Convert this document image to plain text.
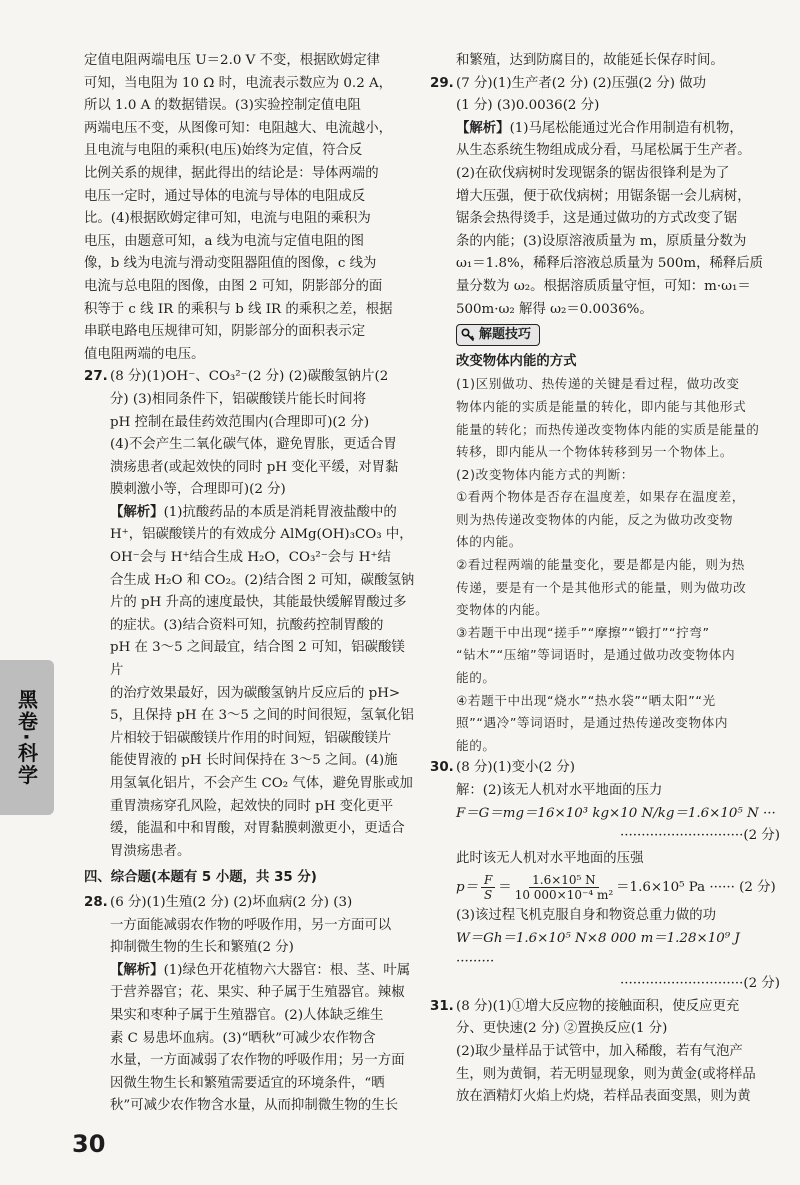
定值电阻两端电压 U＝2.0 V 不变，根据欧姆定律

可知，当电阻为 10 Ω 时，电流表示数应为 0.2 A，

所以 1.0 A 的数据错误。(3)实验控制定值电阻

两端电压不变，从图像可知：电阻越大、电流越小，

且电流与电阻的乘积(电压)始终为定值，符合反

比例关系的规律，据此得出的结论是：导体两端的

电压一定时，通过导体的电流与导体的电阻成反

比。(4)根据欧姆定律可知，电流与电阻的乘积为

电压，由题意可知，a 线为电流与定值电阻的图

像，b 线为电流与滑动变阻器阻值的图像，c 线为

电流与总电阻的图像，由图 2 可知，阴影部分的面

积等于 c 线 IR 的乘积与 b 线 IR 的乘积之差，根据

串联电路电压规律可知，阴影部分的面积表示定

值电阻两端的电压。

27. (8 分)(1)OH⁻、CO₃²⁻(2 分) (2)碳酸氢钠片(2

分) (3)相同条件下，铝碳酸镁片能长时间将

pH 控制在最佳药效范围内(合理即可)(2 分)

(4)不会产生二氧化碳气体，避免胃胀，更适合胃

溃疡患者(或起效快的同时 pH 变化平缓，对胃黏

膜刺激小等，合理即可)(2 分)

【解析】(1)抗酸药品的本质是消耗胃液盐酸中的

H⁺，铝碳酸镁片的有效成分 AlMg(OH)₃CO₃ 中，

OH⁻会与 H⁺结合生成 H₂O，CO₃²⁻会与 H⁺结

合生成 H₂O 和 CO₂。(2)结合图 2 可知，碳酸氢钠

片的 pH 升高的速度最快，其能最快缓解胃酸过多

的症状。(3)结合资料可知，抗酸药控制胃酸的

pH 在 3～5 之间最宜，结合图 2 可知，铝碳酸镁片

的治疗效果最好，因为碳酸氢钠片反应后的 pH>

5，且保持 pH 在 3～5 之间的时间很短，氢氧化铝

片相较于铝碳酸镁片作用的时间短，铝碳酸镁片

能使胃液的 pH 长时间保持在 3～5 之间。(4)施

用氢氧化铝片，不会产生 CO₂ 气体，避免胃胀或加

重胃溃疡穿孔风险，起效快的同时 pH 变化更平

缓，能温和中和胃酸，对胃黏膜刺激更小，更适合

胃溃疡患者。

四、综合题(本题有 5 小题，共 35 分)

28. (6 分)(1)生殖(2 分) (2)坏血病(2 分) (3)

一方面能减弱农作物的呼吸作用，另一方面可以

抑制微生物的生长和繁殖(2 分)

【解析】(1)绿色开花植物六大器官：根、茎、叶属

于营养器官；花、果实、种子属于生殖器官。辣椒

果实和枣种子属于生殖器官。(2)人体缺乏维生

素 C 易患坏血病。(3)“晒秋”可减少农作物含

水量，一方面减弱了农作物的呼吸作用；另一方面

因微生物生长和繁殖需要适宜的环境条件，“晒

秋”可减少农作物含水量，从而抑制微生物的生长

和繁殖，达到防腐目的，故能延长保存时间。

29. (7 分)(1)生产者(2 分) (2)压强(2 分) 做功

(1 分) (3)0.0036(2 分)

【解析】(1)马尾松能通过光合作用制造有机物，

从生态系统生物组成成分看，马尾松属于生产者。

(2)在砍伐病树时发现锯条的锯齿很锋利是为了

增大压强，便于砍伐病树；用锯条锯一会儿病树，

锯条会热得烫手，这是通过做功的方式改变了锯

条的内能；(3)设原溶液质量为 m，原质量分数为

ω₁＝1.8%，稀释后溶液总质量为 500m，稀释后质

量分数为 ω₂。根据溶质质量守恒，可知：m·ω₁＝

500m·ω₂ 解得 ω₂＝0.0036%。

解题技巧

改变物体内能的方式

(1)区别做功、热传递的关键是看过程，做功改变

物体内能的实质是能量的转化，即内能与其他形式

能量的转化；而热传递改变物体内能的实质是能量的

转移，即内能从一个物体转移到另一个物体上。

(2)改变物体内能方式的判断：

①看两个物体是否存在温度差，如果存在温度差，

则为热传递改变物体的内能，反之为做功改变物

体的内能。

②看过程两端的能量变化，要是都是内能，则为热

传递，要是有一个是其他形式的能量，则为做功改

变物体的内能。

③若题干中出现“搓手”“摩擦”“锻打”“拧弯”

“钻木”“压缩”等词语时，是通过做功改变物体内

能的。

④若题干中出现“烧水”“热水袋”“晒太阳”“光

照”“遇冷”等词语时，是通过热传递改变物体内

能的。

30. (8 分)(1)变小(2 分)

解：(2)该无人机对水平地面的压力

F＝G＝mg＝16×10³ kg×10 N/kg＝1.6×10⁵ N ···

·····························(2 分)

此时该无人机对水平地面的压强

$p= \frac{F}{S} = \frac{\text{1.6×10⁵ N}}{\text{10 000×10⁻⁴ m²}} =1.6\times 10^5$ Pa ······ (2 分)

(3)该过程飞机克服自身和物资总重力做的功

W＝Gh＝1.6×10⁵ N×8 000 m＝1.28×10⁹ J ·········

·····························(2 分)

31. (8 分)(1)①增大反应物的接触面积，使反应更充

分、更快速(2 分) ②置换反应(1 分)

(2)取少量样品于试管中，加入稀酸，若有气泡产

生，则为黄铜，若无明显现象，则为黄金(或将样品

放在酒精灯火焰上灼烧，若样品表面变黑，则为黄

黑卷·科学
30
